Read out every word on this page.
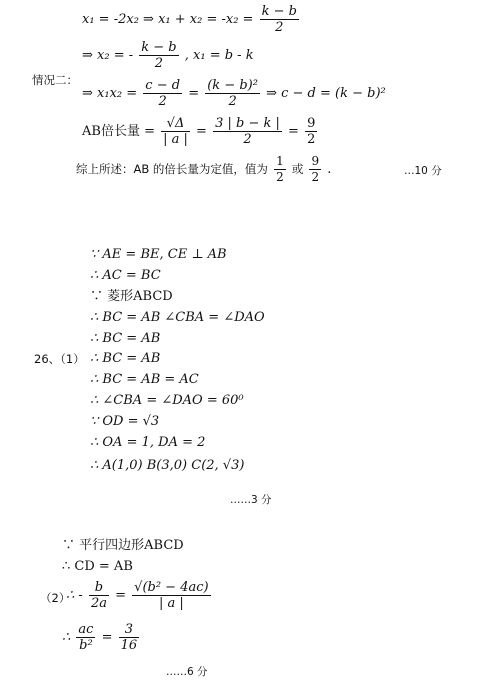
x₁ = -2x₂ ⇒ $x_1 + x_2 = -x_2 = \frac{k - b}{2}$
⇒ x₂ = - $\frac{k - b}{2}$ , x₁ = b - k
情况二：
⇒ $x_1x_2 = \frac{c - d}{2} = \frac{\text{(k − b)²}}{2}$ ⇒ c − d = (k − b)²
AB倍长量 = $\frac{√\Delta}{| a |} = \frac{3 | b - k |}{2} = \frac{9}{2}$
综上所述：AB 的倍长量为定值，值为 $\frac{1}{2}$ 或 $\frac{9}{2}$ .	…10 分
∵ AE = BE, CE ⊥ AB
∴ AC = BC
∵ 菱形ABCD
∴ BC = AB ∠CBA = ∠DAO
∴ BC = AB
26、（1） ∴ BC = AB
∴ BC = AB = AC
∴ ∠CBA = ∠DAO = 60⁰
∵ OD = √3
∴ OA = 1, DA = 2
∴ A(1,0) B(3,0) C(2, √3)
……3 分
∵ 平行四边形ABCD
∴ CD = AB
（2）
∴ - $\frac{b}{2a} = \frac{\text{√(b² − 4ac)}}{| a |}$
∴ $\frac{ac}{\text{b²}} = \frac{3}{16}$
……6 分
